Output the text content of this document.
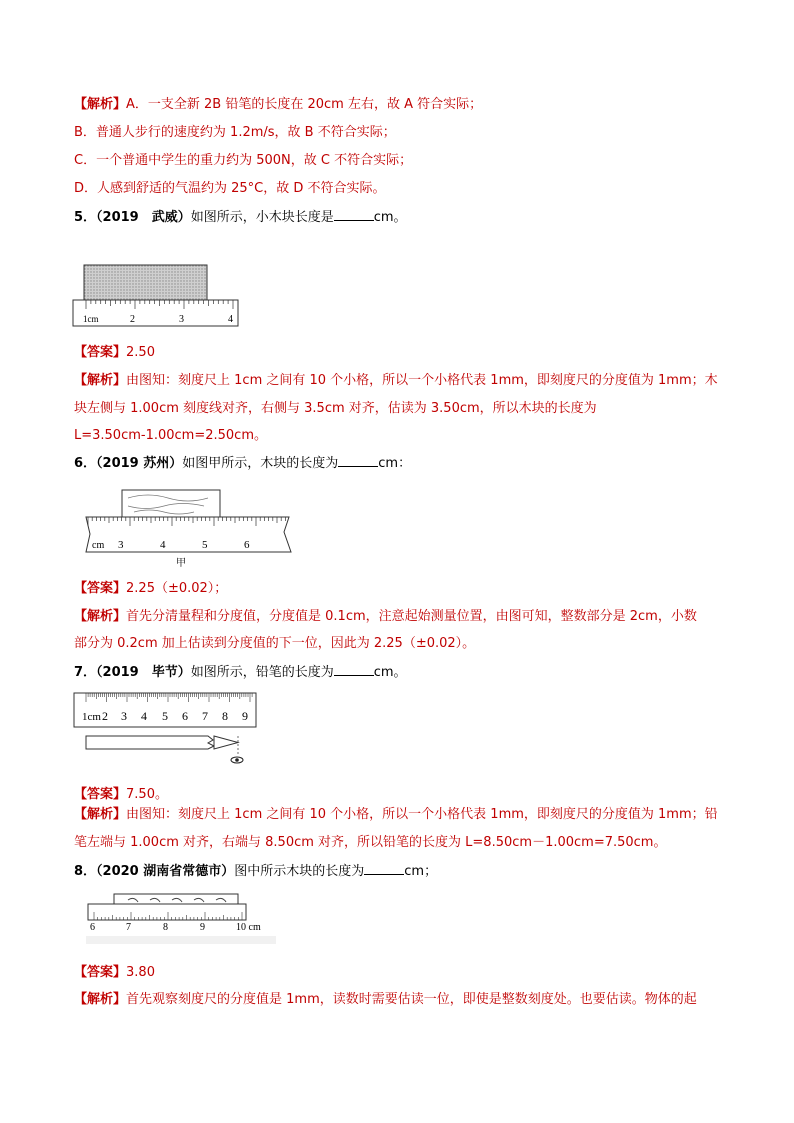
【解析】A．一支全新 2B 铅笔的长度在 20cm 左右，故 A 符合实际；
B．普通人步行的速度约为 1.2m/s，故 B 不符合实际；
C．一个普通中学生的重力约为 500N，故 C 不符合实际；
D．人感到舒适的气温约为 25°C，故 D 不符合实际。
5．（2019　武威）如图所示，小木块长度是	cm。
1cm	2	3	4
【答案】2.50
【解析】由图知：刻度尺上 1cm 之间有 10 个小格，所以一个小格代表 1mm，即刻度尺的分度值为 1mm；木
块左侧与 1.00cm 刻度线对齐，右侧与 3.5cm 对齐，估读为 3.50cm，所以木块的长度为
L=3.50cm-1.00cm=2.50cm。
6．（2019 苏州）如图甲所示，木块的长度为	cm：
cm 3	4	5	6
甲
【答案】2.25（±0.02）；
【解析】首先分清量程和分度值，分度值是 0.1cm，注意起始测量位置，由图可知，整数部分是 2cm，小数
部分为 0.2cm 加上估读到分度值的下一位，因此为 2.25（±0.02）。
7．（2019　毕节）如图所示，铅笔的长度为	cm。
1cm 2 3 4 5 6 7 8 9
【答案】7.50。
【解析】由图知：刻度尺上 1cm 之间有 10 个小格，所以一个小格代表 1mm，即刻度尺的分度值为 1mm；铅
笔左端与 1.00cm 对齐，右端与 8.50cm 对齐，所以铅笔的长度为 L=8.50cm－1.00cm=7.50cm。
8．（2020 湖南省常德市）图中所示木块的长度为	cm；
6	7	8	9	10 cm
【答案】3.80
【解析】首先观察刻度尺的分度值是 1mm，读数时需要估读一位，即使是整数刻度处。也要估读。物体的起
